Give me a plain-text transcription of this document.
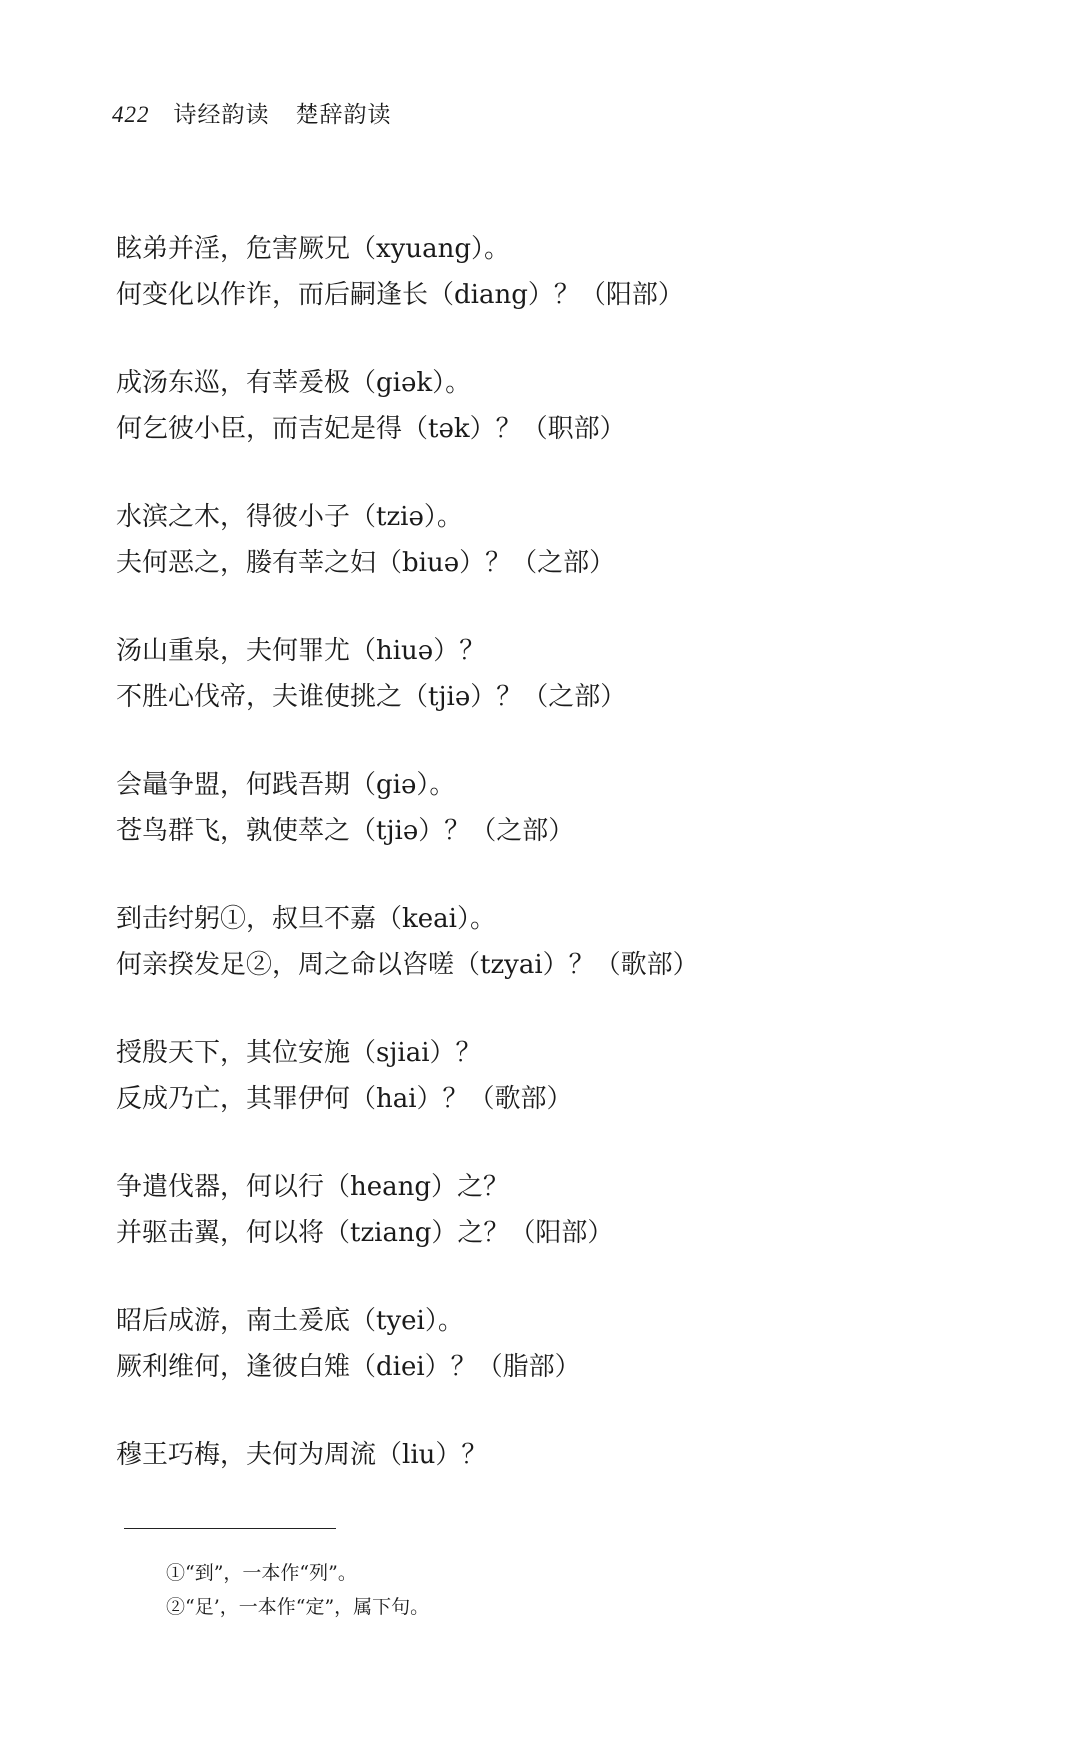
422 诗经韵读 楚辞韵读
眩弟并淫，危害厥兄（xyuang）。
何变化以作诈，而后嗣逢长（diang）？（阳部）
成汤东巡，有莘爰极（giək）。
何乞彼小臣，而吉妃是得（tək）？（职部）
水滨之木，得彼小子（tziə）。
夫何恶之，媵有莘之妇（biuə）？（之部）
汤山重泉，夫何罪尤（hiuə）？
不胜心伐帝，夫谁使挑之（tjiə）？（之部）
会鼂争盟，何践吾期（giə）。
苍鸟群飞，孰使萃之（tjiə）？（之部）
到击纣躬①，叔旦不嘉（keai）。
何亲揆发足②，周之命以咨嗟（tzyai）？（歌部）
授殷天下，其位安施（sjiai）？
反成乃亡，其罪伊何（hai）？（歌部）
争遣伐器，何以行（heang）之？
并驱击翼，何以将（tziang）之？（阳部）
昭后成游，南土爰底（tyei）。
厥利维何，逢彼白雉（diei）？（脂部）
穆王巧梅，夫何为周流（liu）？
①“到”，一本作“列”。
②“足’，一本作“定”，属下句。
